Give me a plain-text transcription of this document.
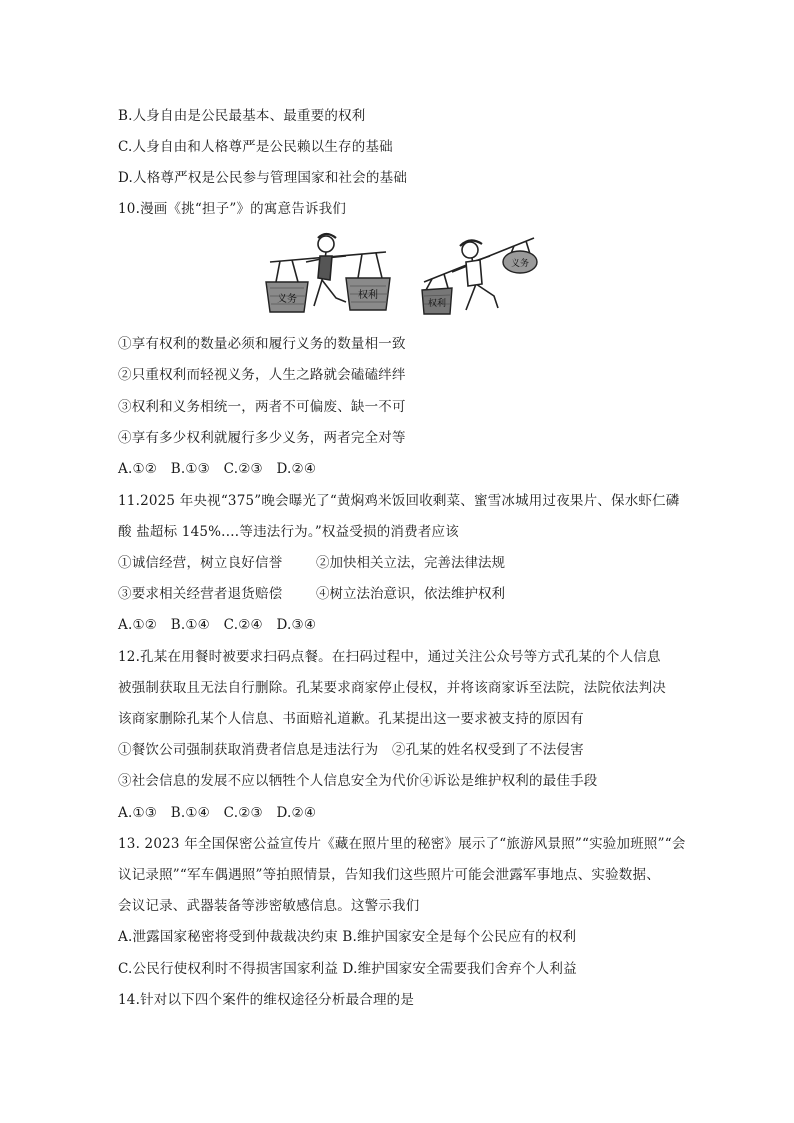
B.人身自由是公民最基本、最重要的权利
C.人身自由和人格尊严是公民赖以生存的基础
D.人格尊严权是公民参与管理国家和社会的基础
10.漫画《挑“担子”》的寓意告诉我们
义务	权利
权利
义务
①享有权利的数量必须和履行义务的数量相一致
②只重权利而轻视义务，人生之路就会磕磕绊绊
③权利和义务相统一，两者不可偏废、缺一不可
④享有多少权利就履行多少义务，两者完全对等
A.①②　B.①③　C.②③　D.②④
11.2025 年央视“375”晚会曝光了“黄焖鸡米饭回收剩菜、蜜雪冰城用过夜果片、保水虾仁磷
酸 盐超标 145%.…等违法行为。”权益受损的消费者应该
①诚信经营，树立良好信誉 ②加快相关立法，完善法律法规
③要求相关经营者退货赔偿 ④树立法治意识，依法维护权利
A.①②　B.①④　C.②④　D.③④
12.孔某在用餐时被要求扫码点餐。在扫码过程中，通过关注公众号等方式孔某的个人信息
被强制获取且无法自行删除。孔某要求商家停止侵权，并将该商家诉至法院，法院依法判决
该商家删除孔某个人信息、书面赔礼道歉。孔某提出这一要求被支持的原因有
①餐饮公司强制获取消费者信息是违法行为　②孔某的姓名权受到了不法侵害
③社会信息的发展不应以牺牲个人信息安全为代价④诉讼是维护权利的最佳手段
A.①③　B.①④　C.②③　D.②④
13. 2023 年全国保密公益宣传片《藏在照片里的秘密》展示了“旅游风景照”“实验加班照”“会
议记录照”“军车偶遇照”等拍照情景，告知我们这些照片可能会泄露军事地点、实验数据、
会议记录、武器装备等涉密敏感信息。这警示我们
A.泄露国家秘密将受到仲裁裁决约束 B.维护国家安全是每个公民应有的权利
C.公民行使权利时不得损害国家利益 D.维护国家安全需要我们舍弃个人利益
14.针对以下四个案件的维权途径分析最合理的是
